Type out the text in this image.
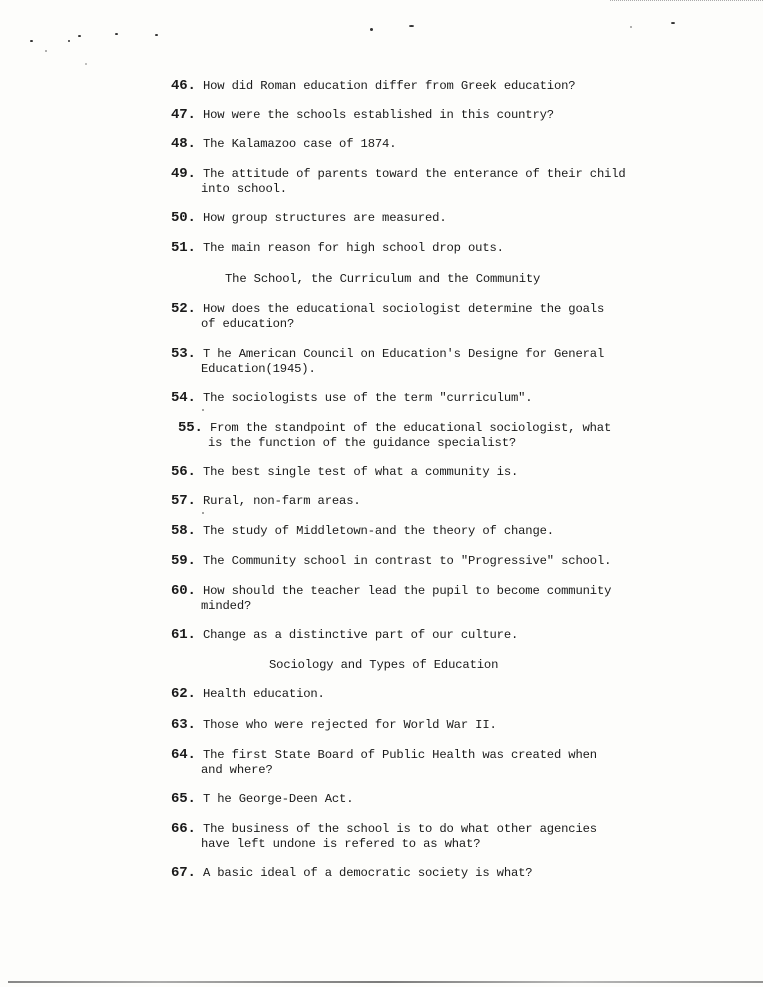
46. How did Roman education differ from Greek education?
47. How were the schools established in this country?
48. The Kalamazoo case of 1874.
49. The attitude of parents toward the enterance of their child
into school.
50. How group structures are measured.
51. The main reason for high school drop outs.
The School, the Curriculum and the Community
52. How does the educational sociologist determine the goals
of education?
53. T he American Council on Education's Designe for General
Education(1945).
54. The sociologists use of the term "curriculum".
55. From the standpoint of the educational sociologist, what
is the function of the guidance specialist?
56. The best single test of what a community is.
57. Rural, non-farm areas.
58. The study of Middletown-and the theory of change.
59. The Community school in contrast to "Progressive" school.
60. How should the teacher lead the pupil to become community
minded?
61. Change as a distinctive part of our culture.
Sociology and Types of Education
62. Health education.
63. Those who were rejected for World War II.
64. The first State Board of Public Health was created when
and where?
65. T he George-Deen Act.
66. The business of the school is to do what other agencies
have left undone is refered to as what?
67. A basic ideal of a democratic society is what?
